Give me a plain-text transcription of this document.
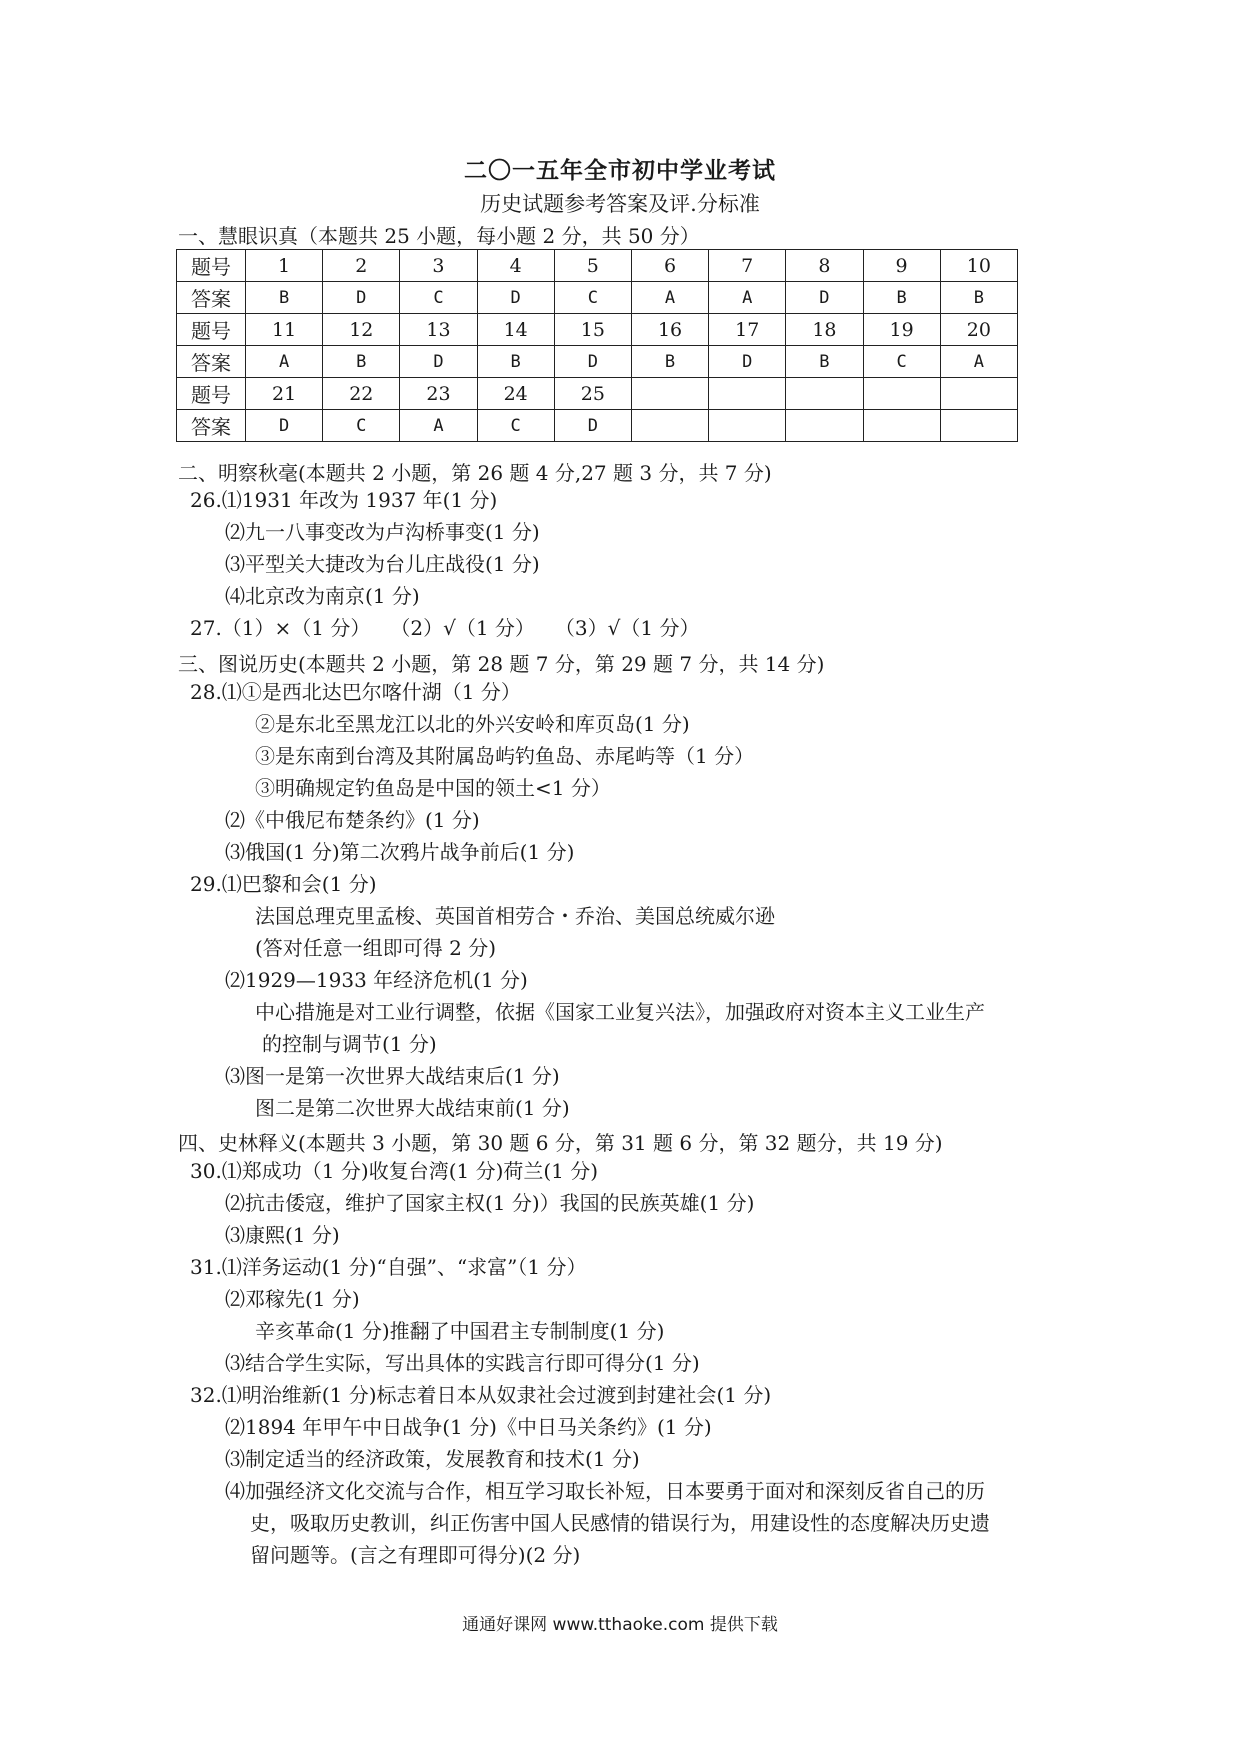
二〇一五年全市初中学业考试
历史试题参考答案及评.分标准
一、慧眼识真（本题共 25 小题，每小题 2 分，共 50 分）
题号	1	2	3	4	5	6	7	8	9	10
答案	B	D	C	D	C	A	A	D	B	B
题号	11	12	13	14	15	16	17	18	19	20
答案	A	B	D	B	D	B	D	B	C	A
题号	21	22	23	24	25					
答案	D	C	A	C	D					
二、明察秋毫(本题共 2 小题，第 26 题 4 分,27 题 3 分，共 7 分)
26.⑴1931 年改为 1937 年(1 分)
⑵九一八事变改为卢沟桥事变(1 分)
⑶平型关大捷改为台儿庄战役(1 分)
⑷北京改为南京(1 分)
27.（1）×（1 分）　　（2）√（1 分）　　（3）√（1 分）
三、图说历史(本题共 2 小题，第 28 题 7 分，第 29 题 7 分，共 14 分)
28.⑴①是西北达巴尔喀什湖（1 分）
②是东北至黑龙江以北的外兴安岭和库页岛(1 分)
③是东南到台湾及其附属岛屿钓鱼岛、赤尾屿等（1 分）
③明确规定钓鱼岛是中国的领土<1 分）
⑵《中俄尼布楚条约》(1 分)
⑶俄国(1 分)第二次鸦片战争前后(1 分)
29.⑴巴黎和会(1 分)
法国总理克里孟梭、英国首相劳合・乔治、美国总统威尔逊
(答对任意一组即可得 2 分)
⑵1929—1933 年经济危机(1 分)
中心措施是对工业行调整，依据《国家工业复兴法》，加强政府对资本主义工业生产
的控制与调节(1 分)
⑶图一是第一次世界大战结束后(1 分)
图二是第二次世界大战结束前(1 分)
四、史林释义(本题共 3 小题，第 30 题 6 分，第 31 题 6 分，第 32 题分，共 19 分)
30.⑴郑成功（1 分)收复台湾(1 分)荷兰(1 分)
⑵抗击倭寇，维护了国家主权(1 分)）我国的民族英雄(1 分)
⑶康熙(1 分)
31.⑴洋务运动(1 分)“自强”、“求富”（1 分）
⑵邓稼先(1 分)
辛亥革命(1 分)推翻了中国君主专制制度(1 分)
⑶结合学生实际，写出具体的实践言行即可得分(1 分)
32.⑴明治维新(1 分)标志着日本从奴隶社会过渡到封建社会(1 分)
⑵1894 年甲午中日战争(1 分)《中日马关条约》(1 分)
⑶制定适当的经济政策，发展教育和技术(1 分)
⑷加强经济文化交流与合作，相互学习取长补短，日本要勇于面对和深刻反省自己的历
史，吸取历史教训，纠正伤害中国人民感情的错误行为，用建设性的态度解决历史遗
留问题等。(言之有理即可得分)(2 分)
通通好课网 www.tthaoke.com 提供下载
